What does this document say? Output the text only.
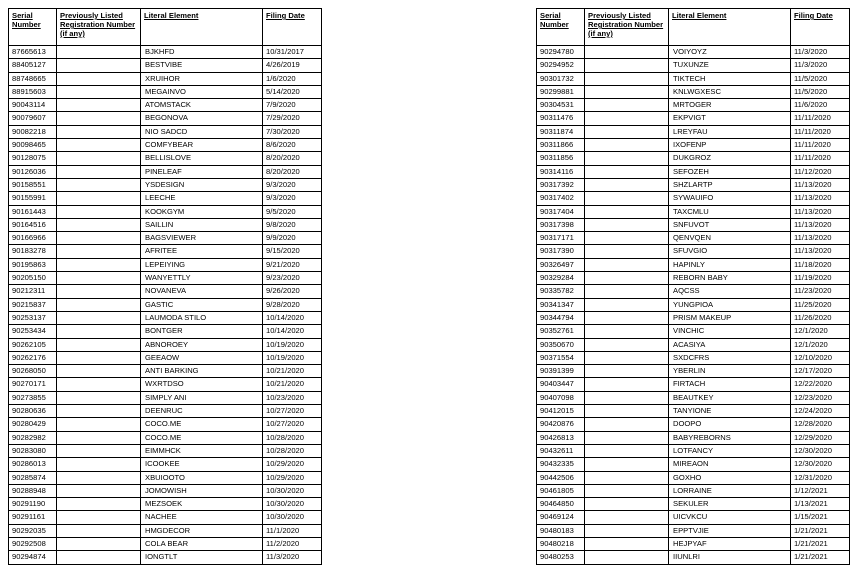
Serial Number	Previously Listed Registration Number (if any)	Literal Element	Filing Date
87665613		BJKHFD	10/31/2017
88405127		BESTVIBE	4/26/2019
88748665		XRUIHOR	1/6/2020
88915603		MEGAINVO	5/14/2020
90043114		ATOMSTACK	7/9/2020
90079607		BEGONOVA	7/29/2020
90082218		NIO SADCD	7/30/2020
90098465		COMFYBEAR	8/6/2020
90128075		BELLISLOVE	8/20/2020
90126036		PINELEAF	8/20/2020
90158551		YSDESIGN	9/3/2020
90155991		LEECHE	9/3/2020
90161443		KOOKGYM	9/5/2020
90164516		SAILLIN	9/8/2020
90166966		BAGSVIEWER	9/9/2020
90183278		AFRITEE	9/15/2020
90195863		LEPEIYING	9/21/2020
90205150		WANYETTLY	9/23/2020
90212311		NOVANEVA	9/26/2020
90215837		GASTIC	9/28/2020
90253137		LAUMODA STILO	10/14/2020
90253434		BONTGER	10/14/2020
90262105		ABNOROEY	10/19/2020
90262176		GEEAOW	10/19/2020
90268050		ANTI BARKING	10/21/2020
90270171		WXRTDSO	10/21/2020
90273855		SIMPLY ANI	10/23/2020
90280636		DEENRUC	10/27/2020
90280429		COCO.ME	10/27/2020
90282982		COCO.ME	10/28/2020
90283080		EIMMHCK	10/28/2020
90286013		ICOOKEE	10/29/2020
90285874		XBUIOOTO	10/29/2020
90288948		JOMOWISH	10/30/2020
90291190		MEZSOEK	10/30/2020
90291161		NACHEE	10/30/2020
90292035		HMGDECOR	11/1/2020
90292508		COLA BEAR	11/2/2020
90294874		IONGTLT	11/3/2020
Serial Number	Previously Listed Registration Number (if any)	Literal Element	Filing Date
90294780		VOIYOYZ	11/3/2020
90294952		TUXUNZE	11/3/2020
90301732		TIKTECH	11/5/2020
90299881		KNLWGXESC	11/5/2020
90304531		MRTOGER	11/6/2020
90311476		EKPVIGT	11/11/2020
90311874		LREYFAU	11/11/2020
90311866		IXOFENP	11/11/2020
90311856		DUKGROZ	11/11/2020
90314116		SEFOZEH	11/12/2020
90317392		SHZLARTP	11/13/2020
90317402		SYWAUIFO	11/13/2020
90317404		TAXCMLU	11/13/2020
90317398		SNFUVOT	11/13/2020
90317171		QENVQEN	11/13/2020
90317390		SFUVGIO	11/13/2020
90326497		HAPINLY	11/18/2020
90329284		REBORN BABY	11/19/2020
90335782		AQCSS	11/23/2020
90341347		YUNGPIOA	11/25/2020
90344794		PRISM MAKEUP	11/26/2020
90352761		VINCHIC	12/1/2020
90350670		ACASIYA	12/1/2020
90371554		SXDCFRS	12/10/2020
90391399		YBERLIN	12/17/2020
90403447		FIRTACH	12/22/2020
90407098		BEAUTKEY	12/23/2020
90412015		TANYIONE	12/24/2020
90420876		DOOPO	12/28/2020
90426813		BABYREBORNS	12/29/2020
90432611		LOTFANCY	12/30/2020
90432335		MIREAON	12/30/2020
90442506		GOXHO	12/31/2020
90461805		LORRAINE	1/12/2021
90464850		SEKULER	1/13/2021
90469124		UICVKCU	1/15/2021
90480183		EPPTVJIE	1/21/2021
90480218		HEJPYAF	1/21/2021
90480253		IIUNLRI	1/21/2021
